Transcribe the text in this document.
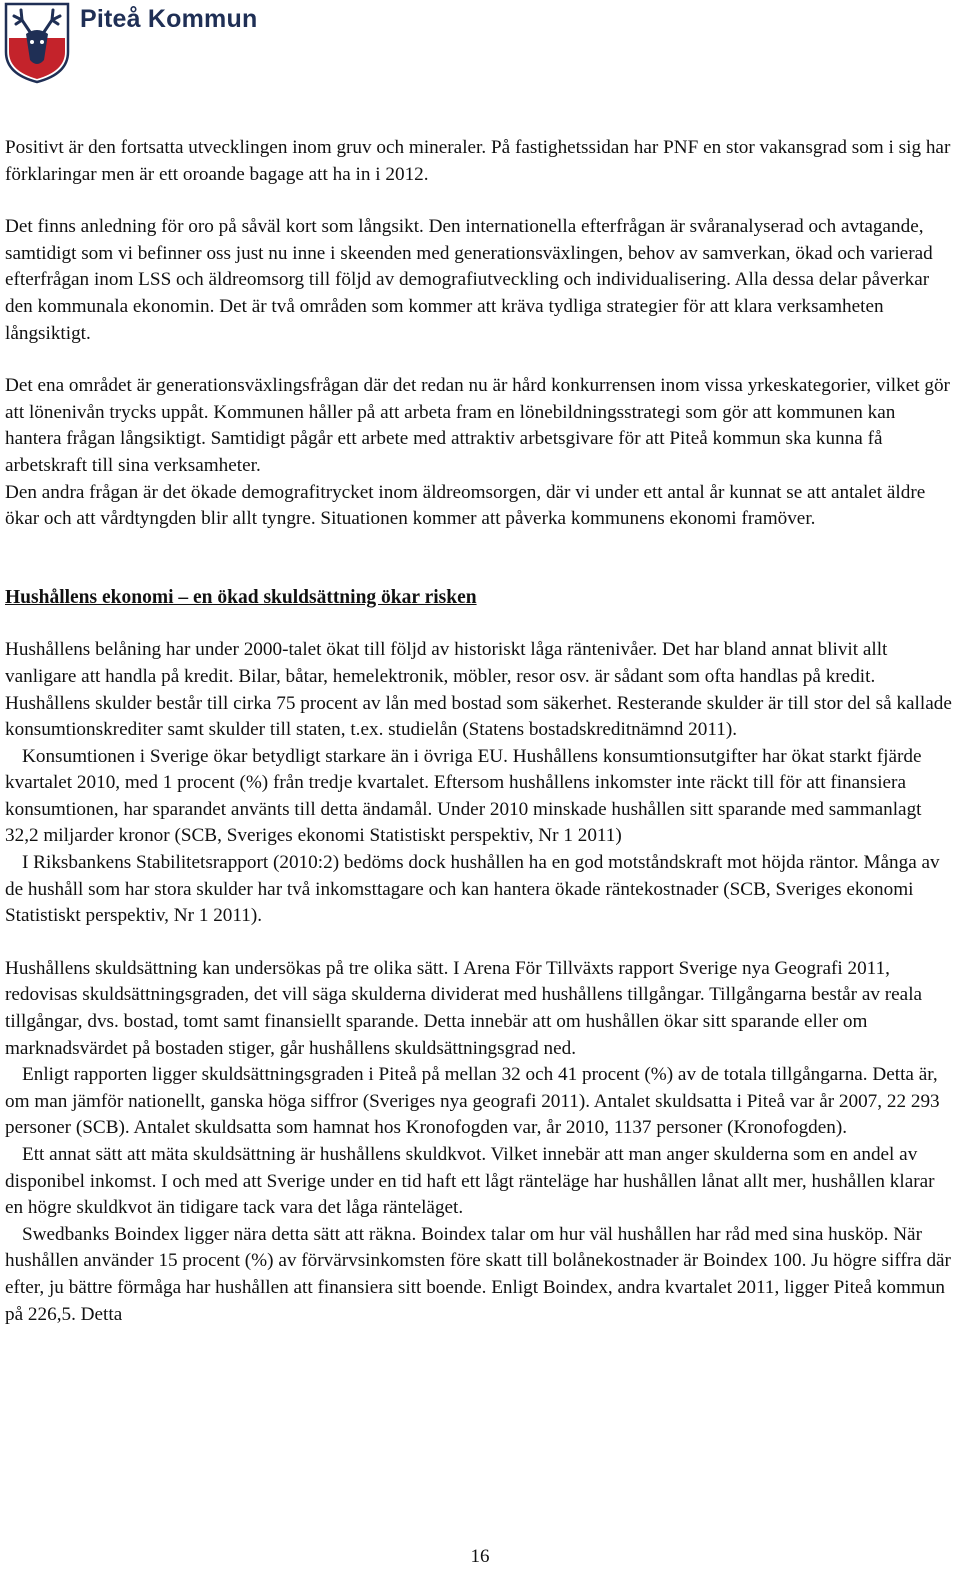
Piteå Kommun

Positivt är den fortsatta utvecklingen inom gruv och mineraler. På fastighetssidan har PNF en stor vakansgrad som i sig har förklaringar men är ett oroande bagage att ha in i 2012.

Det finns anledning för oro på såväl kort som långsikt. Den internationella efterfrågan är svåranalyserad och avtagande, samtidigt som vi befinner oss just nu inne i skeenden med generationsväxlingen, behov av samverkan, ökad och varierad efterfrågan inom LSS och äldreomsorg till följd av demografiutveckling och individualisering. Alla dessa delar påverkar den kommunala ekonomin. Det är två områden som kommer att kräva tydliga strategier för att klara verksamheten långsiktigt.

Det ena området är generationsväxlingsfrågan där det redan nu är hård konkurrensen inom vissa yrkeskategorier, vilket gör att lönenivån trycks uppåt. Kommunen håller på att arbeta fram en lönebildningsstrategi som gör att kommunen kan hantera frågan långsiktigt. Samtidigt pågår ett arbete med attraktiv arbetsgivare för att Piteå kommun ska kunna få arbetskraft till sina verksamheter.

Den andra frågan är det ökade demografitrycket inom äldreomsorgen, där vi under ett antal år kunnat se att antalet äldre ökar och att vårdtyngden blir allt tyngre. Situationen kommer att påverka kommunens ekonomi framöver.

Hushållens ekonomi – en ökad skuldsättning ökar risken

Hushållens belåning har under 2000-talet ökat till följd av historiskt låga räntenivåer. Det har bland annat blivit allt vanligare att handla på kredit. Bilar, båtar, hemelektronik, möbler, resor osv. är sådant som ofta handlas på kredit. Hushållens skulder består till cirka 75 procent av lån med bostad som säkerhet. Resterande skulder är till stor del så kallade konsumtionskrediter samt skulder till staten, t.ex. studielån (Statens bostadskreditnämnd 2011).

Konsumtionen i Sverige ökar betydligt starkare än i övriga EU. Hushållens konsumtionsutgifter har ökat starkt fjärde kvartalet 2010, med 1 procent (%) från tredje kvartalet. Eftersom hushållens inkomster inte räckt till för att finansiera konsumtionen, har sparandet använts till detta ändamål. Under 2010 minskade hushållen sitt sparande med sammanlagt 32,2 miljarder kronor (SCB, Sveriges ekonomi Statistiskt perspektiv, Nr 1 2011)

I Riksbankens Stabilitetsrapport (2010:2) bedöms dock hushållen ha en god motståndskraft mot höjda räntor. Många av de hushåll som har stora skulder har två inkomsttagare och kan hantera ökade räntekostnader (SCB, Sveriges ekonomi Statistiskt perspektiv, Nr 1 2011).

Hushållens skuldsättning kan undersökas på tre olika sätt. I Arena För Tillväxts rapport Sverige nya Geografi 2011, redovisas skuldsättningsgraden, det vill säga skulderna dividerat med hushållens tillgångar. Tillgångarna består av reala tillgångar, dvs. bostad, tomt samt finansiellt sparande. Detta innebär att om hushållen ökar sitt sparande eller om marknadsvärdet på bostaden stiger, går hushållens skuldsättningsgrad ned.

Enligt rapporten ligger skuldsättningsgraden i Piteå på mellan 32 och 41 procent (%) av de totala tillgångarna. Detta är, om man jämför nationellt, ganska höga siffror (Sveriges nya geografi 2011). Antalet skuldsatta i Piteå var år 2007, 22 293 personer (SCB). Antalet skuldsatta som hamnat hos Kronofogden var, år 2010, 1137 personer (Kronofogden).

Ett annat sätt att mäta skuldsättning är hushållens skuldkvot. Vilket innebär att man anger skulderna som en andel av disponibel inkomst. I och med att Sverige under en tid haft ett lågt ränteläge har hushållen lånat allt mer, hushållen klarar en högre skuldkvot än tidigare tack vara det låga ränteläget.

Swedbanks Boindex ligger nära detta sätt att räkna. Boindex talar om hur väl hushållen har råd med sina husköp. När hushållen använder 15 procent (%) av förvärvsinkomsten före skatt till bolånekostnader är Boindex 100. Ju högre siffra där efter, ju bättre förmåga har hushållen att finansiera sitt boende. Enligt Boindex, andra kvartalet 2011, ligger Piteå kommun på 226,5. Detta

16
